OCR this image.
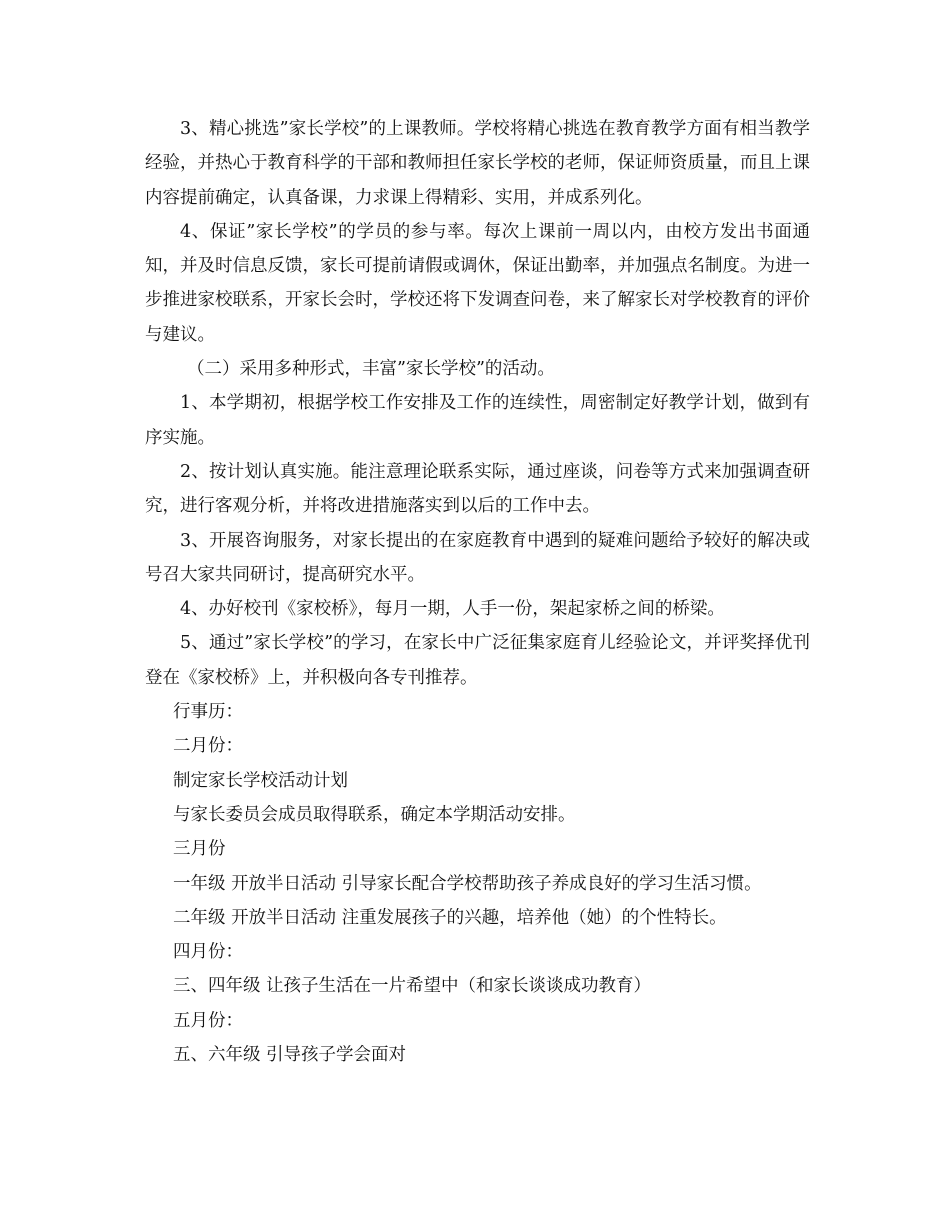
3、精心挑选”家长学校”的上课教师。学校将精心挑选在教育教学方面有相当教学经验，并热心于教育科学的干部和教师担任家长学校的老师，保证师资质量，而且上课内容提前确定，认真备课，力求课上得精彩、实用，并成系列化。

4、保证”家长学校”的学员的参与率。每次上课前一周以内，由校方发出书面通知，并及时信息反馈，家长可提前请假或调休，保证出勤率，并加强点名制度。为进一步推进家校联系，开家长会时，学校还将下发调查问卷，来了解家长对学校教育的评价与建议。

（二）采用多种形式，丰富”家长学校”的活动。

1、本学期初，根据学校工作安排及工作的连续性，周密制定好教学计划，做到有序实施。

2、按计划认真实施。能注意理论联系实际，通过座谈，问卷等方式来加强调查研究，进行客观分析，并将改进措施落实到以后的工作中去。

3、开展咨询服务，对家长提出的在家庭教育中遇到的疑难问题给予较好的解决或号召大家共同研讨，提高研究水平。

4、办好校刊《家校桥》，每月一期，人手一份，架起家桥之间的桥梁。

5、通过”家长学校”的学习，在家长中广泛征集家庭育儿经验论文，并评奖择优刊登在《家校桥》上，并积极向各专刊推荐。

行事历：

二月份：

制定家长学校活动计划

与家长委员会成员取得联系，确定本学期活动安排。

三月份

一年级 开放半日活动 引导家长配合学校帮助孩子养成良好的学习生活习惯。

二年级 开放半日活动 注重发展孩子的兴趣，培养他（她）的个性特长。

四月份：

三、四年级 让孩子生活在一片希望中（和家长谈谈成功教育）

五月份：

五、六年级 引导孩子学会面对
